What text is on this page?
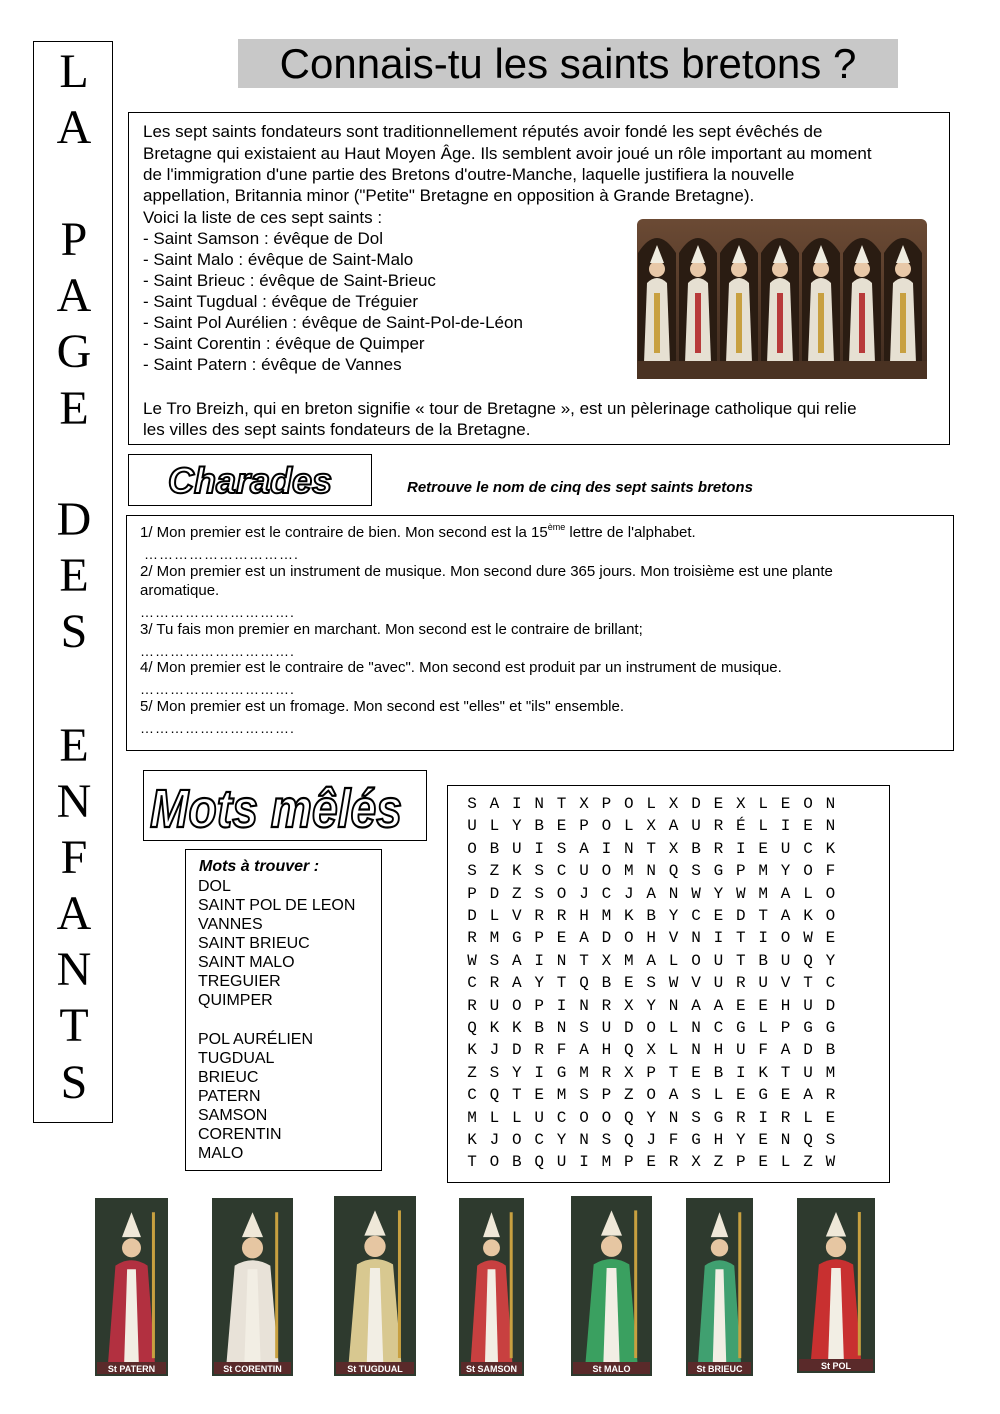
L
A
P
A
G
E
D
E
S
E
N
F
A
N
T
S
Connais-tu les saints bretons ?
Les sept saints fondateurs sont traditionnellement réputés avoir fondé les sept évêchés de
Bretagne qui existaient au Haut Moyen Âge. Ils semblent avoir joué un rôle important au moment
de l'immigration d'une partie des Bretons d'outre-Manche, laquelle justifiera la nouvelle
appellation, Britannia minor ("Petite" Bretagne en opposition à Grande Bretagne).
Voici la liste de ces sept saints :
- Saint Samson : évêque de Dol
- Saint Malo : évêque de Saint-Malo
- Saint Brieuc : évêque de Saint-Brieuc
- Saint Tugdual : évêque de Tréguier
- Saint Pol Aurélien : évêque de Saint-Pol-de-Léon
- Saint Corentin : évêque de Quimper
- Saint Patern : évêque de Vannes
Le Tro Breizh, qui en breton signifie « tour de Bretagne », est un pèlerinage catholique qui relie
les villes des sept saints fondateurs de la Bretagne.
Charades	Retrouve le nom de cinq des sept saints bretons
1/ Mon premier est le contraire de bien. Mon second est la 15ème lettre de l'alphabet.
………………………….
2/ Mon premier est un instrument de musique. Mon second dure 365 jours. Mon troisième est une plante
aromatique.
………………………….
3/ Tu fais mon premier en marchant. Mon second est le contraire de brillant;
………………………….
4/ Mon premier est le contraire de "avec". Mon second est produit par un instrument de musique.
………………………….
5/ Mon premier est un fromage. Mon second est "elles" et "ils" ensemble.
………………………….
Mots mêlés
Mots à trouver :
DOL
SAINT POL DE LEON
VANNES
SAINT BRIEUC
SAINT MALO
TREGUIER
QUIMPER
POL AURÉLIEN
TUGDUAL
BRIEUC
PATERN
SAMSON
CORENTIN
MALO
S A I N T X P O L X D E X L E O N
U L Y B E P O L X A U R É L I E N
O B U I S A I N T X B R I E U C K
S Z K S C U O M N Q S G P M Y O F
P D Z S O J C J A N W Y W M A L O
D L V R R H M K B Y C E D T A K O
R M G P E A D O H V N I T I O W E
W S A I N T X M A L O U T B U Q Y
C R A Y T Q B E S W V U R U V T C
R U O P I N R X Y N A A E E H U D
Q K K B N S U D O L N C G L P G G
K J D R F A H Q X L N H U F A D B
Z S Y I G M R X P T E B I K T U M
C Q T E M S P Z O A S L E G E A R
M L L U C O O Q Y N S G R I R L E
K J O C Y N S Q J F G H Y E N Q S
T O B Q U I M P E R X Z P E L Z W
St PATERN	St CORENTIN	St TUGDUAL	St SAMSON	St MALO	St BRIEUC	St POL
